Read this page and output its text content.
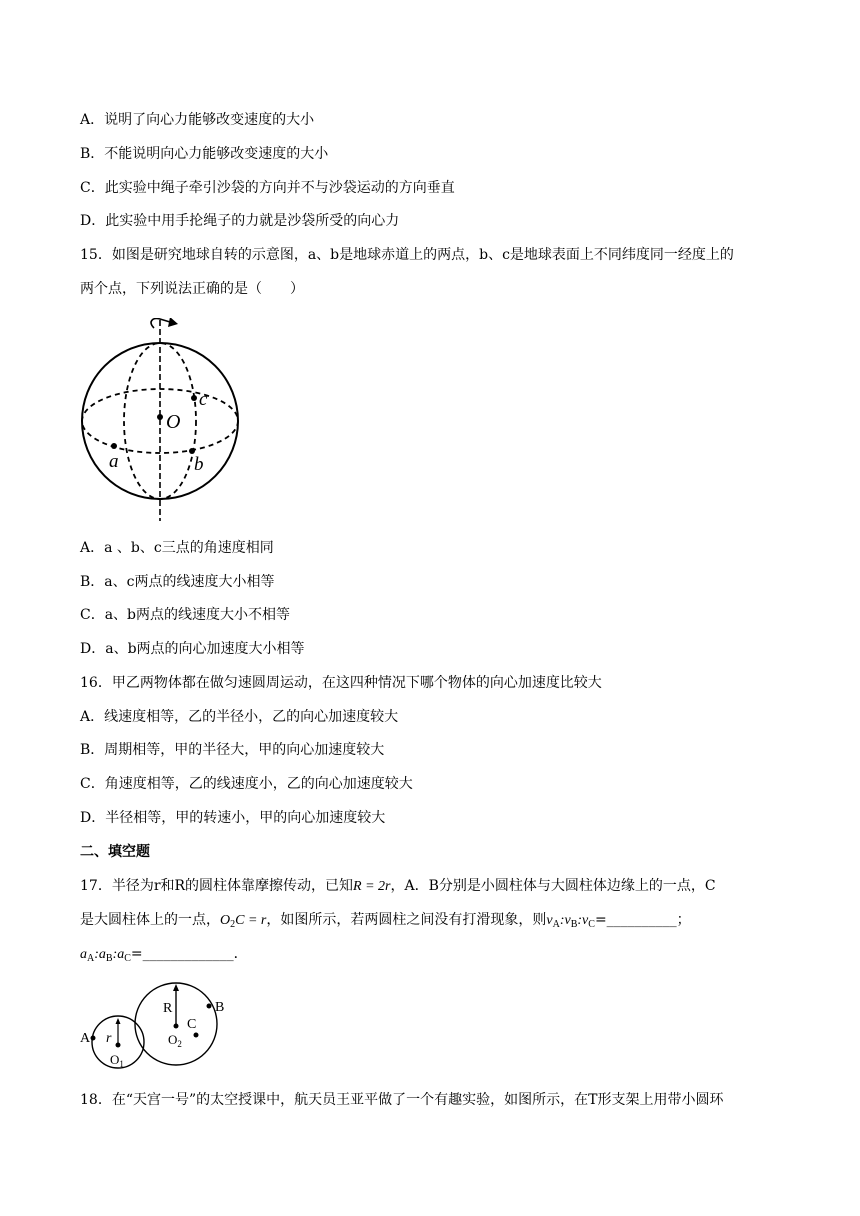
A．说明了向心力能够改变速度的大小
B．不能说明向心力能够改变速度的大小
C．此实验中绳子牵引沙袋的方向并不与沙袋运动的方向垂直
D．此实验中用手抡绳子的力就是沙袋所受的向心力
15．如图是研究地球自转的示意图，a、b是地球赤道上的两点，b、c是地球表面上不同纬度同一经度上的
两个点，下列说法正确的是（　　）
O
c
a	b
A．a 、b、c三点的角速度相同
B．a、c两点的线速度大小相等
C．a、b两点的线速度大小不相等
D．a、b两点的向心加速度大小相等
16．甲乙两物体都在做匀速圆周运动，在这四种情况下哪个物体的向心加速度比较大
A．线速度相等，乙的半径小，乙的向心加速度较大
B．周期相等，甲的半径大，甲的向心加速度较大
C．角速度相等，乙的线速度小，乙的向心加速度较大
D．半径相等，甲的转速小，甲的向心加速度较大
二、填空题
17．半径为r和R的圆柱体靠摩擦传动，已知R = 2r，A．B分别是小圆柱体与大圆柱体边缘上的一点，C
是大圆柱体上的一点，$O_2C = r$，如图所示，若两圆柱之间没有打滑现象，则$v_A:v_B:v_C=\_\_\_\_\_\_\_\_\_\_$；
$a_A:a_B:a_C=\_\_\_\_\_\_\_\_\_\_\_\_\_$．
R	B
C
A r	$O_2$
$O_1$
18．在“天宫一号”的太空授课中，航天员王亚平做了一个有趣实验，如图所示，在T形支架上用带小圆环
